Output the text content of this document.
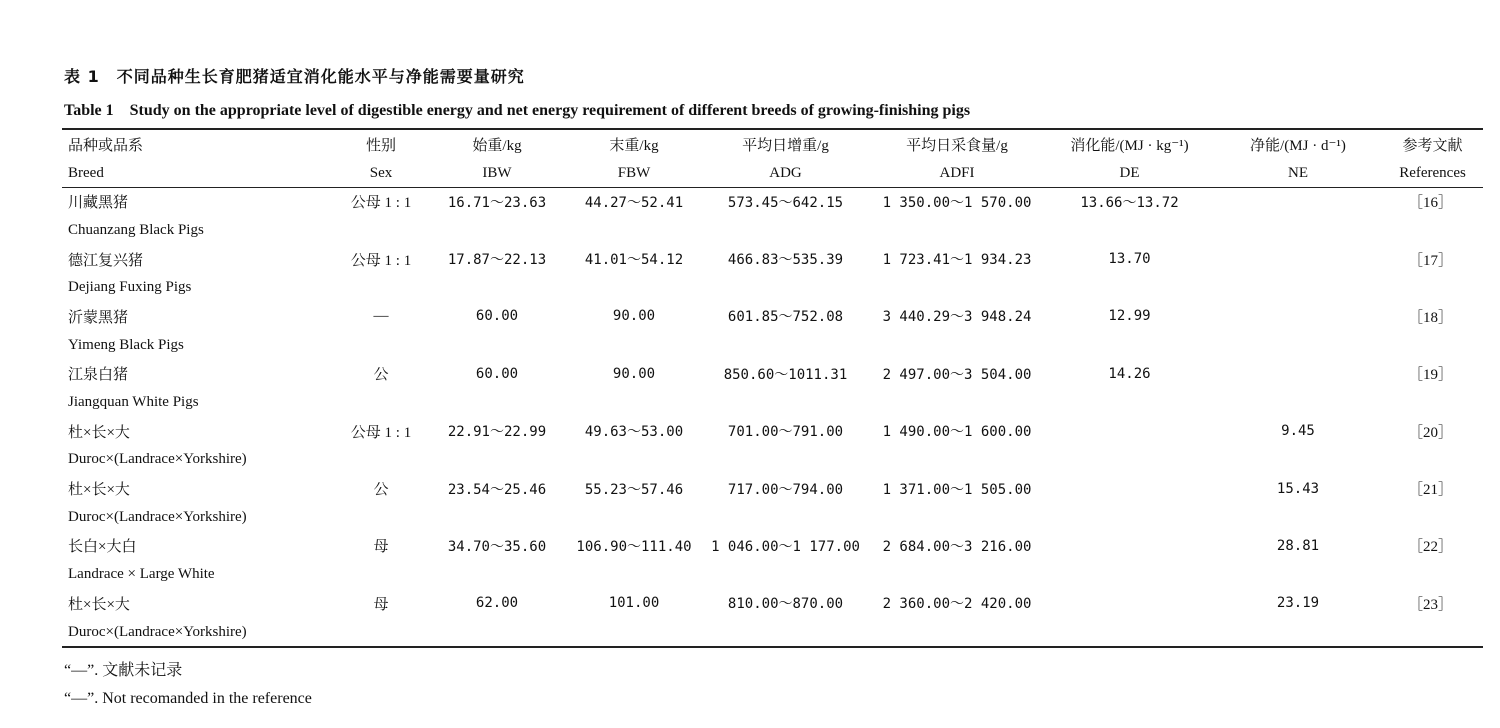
表 1　不同品种生长育肥猪适宜消化能水平与净能需要量研究
Table 1　Study on the appropriate level of digestible energy and net energy requirement of different breeds of growing-finishing pigs
品种或品系	性别	始重/kg	末重/kg	平均日增重/g	平均日采食量/g	消化能/(MJ · kg⁻¹)	净能/(MJ · d⁻¹)	参考文献
Breed	Sex	IBW	FBW	ADG	ADFI	DE	NE	References
川藏黑猪	公母 1 : 1	16.71～23.63	44.27～52.41	573.45～642.15	1 350.00～1 570.00	13.66～13.72		［16］
Chuanzang Black Pigs								
德江复兴猪	公母 1 : 1	17.87～22.13	41.01～54.12	466.83～535.39	1 723.41～1 934.23	13.70		［17］
Dejiang Fuxing Pigs								
沂蒙黑猪	—	60.00	90.00	601.85～752.08	3 440.29～3 948.24	12.99		［18］
Yimeng Black Pigs								
江泉白猪	公	60.00	90.00	850.60～1011.31	2 497.00～3 504.00	14.26		［19］
Jiangquan White Pigs								
杜×长×大	公母 1 : 1	22.91～22.99	49.63～53.00	701.00～791.00	1 490.00～1 600.00		9.45	［20］
Duroc×(Landrace×Yorkshire)								
杜×长×大	公	23.54～25.46	55.23～57.46	717.00～794.00	1 371.00～1 505.00		15.43	［21］
Duroc×(Landrace×Yorkshire)								
长白×大白	母	34.70～35.60	106.90～111.40	1 046.00～1 177.00	2 684.00～3 216.00		28.81	［22］
Landrace × Large White								
杜×长×大	母	62.00	101.00	810.00～870.00	2 360.00～2 420.00		23.19	［23］
Duroc×(Landrace×Yorkshire)								
“—”. 文献未记录
“—”. Not recomanded in the reference
